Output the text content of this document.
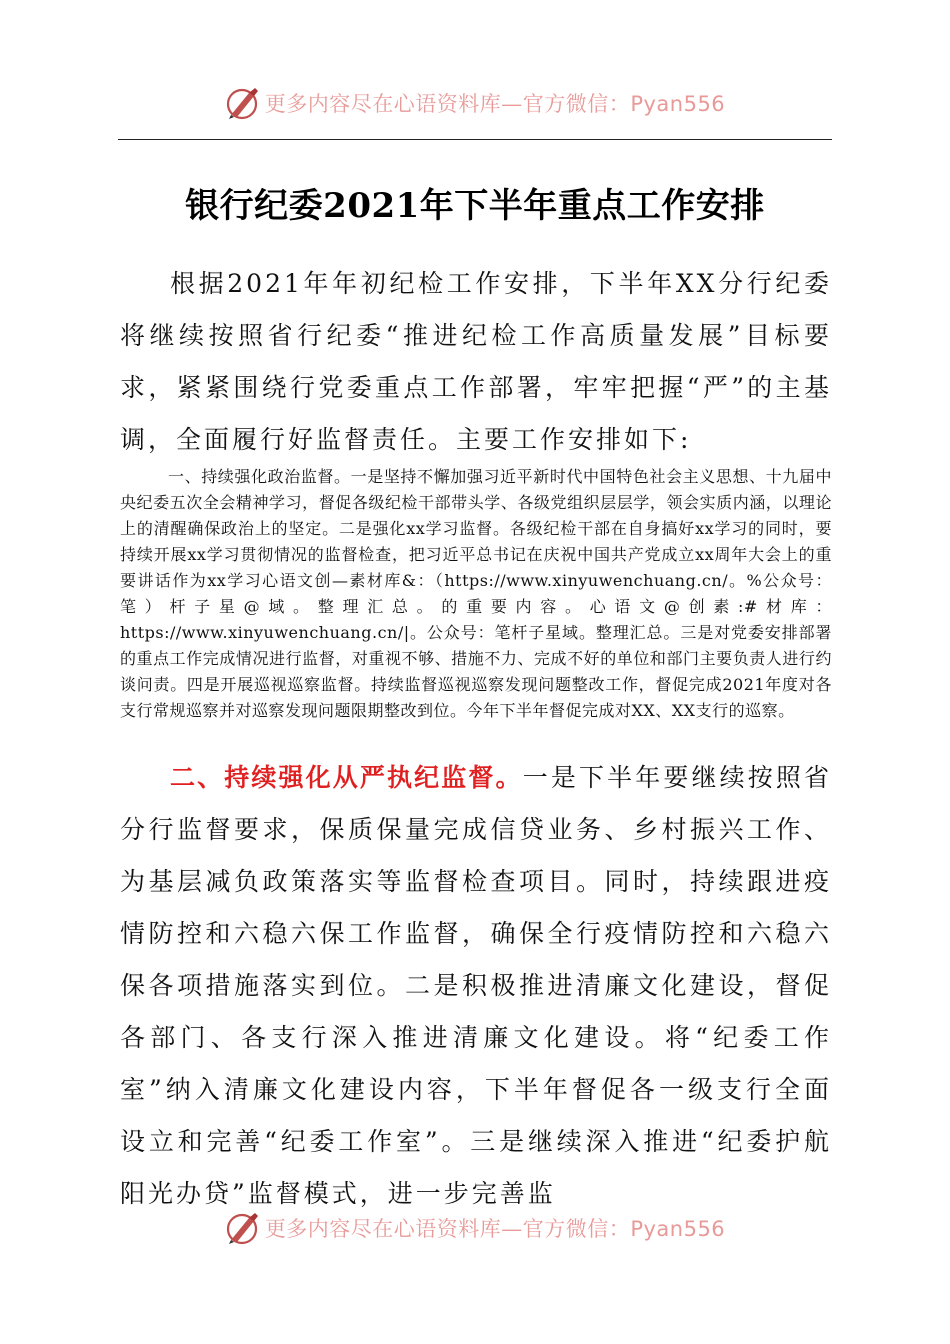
更多内容尽在心语资料库—官方微信：Pyan556
银行纪委2021年下半年重点工作安排

根据2021年年初纪检工作安排，下半年XX分行纪委将继续按照省行纪委“推进纪检工作高质量发展”目标要求，紧紧围绕行党委重点工作部署，牢牢把握“严”的主基调，全面履行好监督责任。主要工作安排如下:

一、持续强化政治监督。一是坚持不懈加强习近平新时代中国特色社会主义思想、十九届中央纪委五次全会精神学习，督促各级纪检干部带头学、各级党组织层层学，领会实质内涵，以理论上的清醒确保政治上的坚定。二是强化xx学习监督。各级纪检干部在自身搞好xx学习的同时，要持续开展xx学习贯彻情况的监督检查，把习近平总书记在庆祝中国共产党成立xx周年大会上的重要讲话作为xx学习心语文创—素材库&：（https://www.xinyuwenchuang.cn/。%公众号：笔）杆子星@域。整理汇总。的重要内容。心语文@创素:#材库：https://www.xinyuwenchuang.cn/|。公众号：笔杆子星域。整理汇总。三是对党委安排部署的重点工作完成情况进行监督，对重视不够、措施不力、完成不好的单位和部门主要负责人进行约谈问责。四是开展巡视巡察监督。持续监督巡视巡察发现问题整改工作，督促完成2021年度对各支行常规巡察并对巡察发现问题限期整改到位。今年下半年督促完成对XX、XX支行的巡察。

二、持续强化从严执纪监督。一是下半年要继续按照省分行监督要求，保质保量完成信贷业务、乡村振兴工作、为基层减负政策落实等监督检查项目。同时，持续跟进疫情防控和六稳六保工作监督，确保全行疫情防控和六稳六保各项措施落实到位。二是积极推进清廉文化建设，督促各部门、各支行深入推进清廉文化建设。将“纪委工作室”纳入清廉文化建设内容，下半年督促各一级支行全面设立和完善“纪委工作室”。三是继续深入推进“纪委护航阳光办贷”监督模式，进一步完善监

更多内容尽在心语资料库—官方微信：Pyan556
